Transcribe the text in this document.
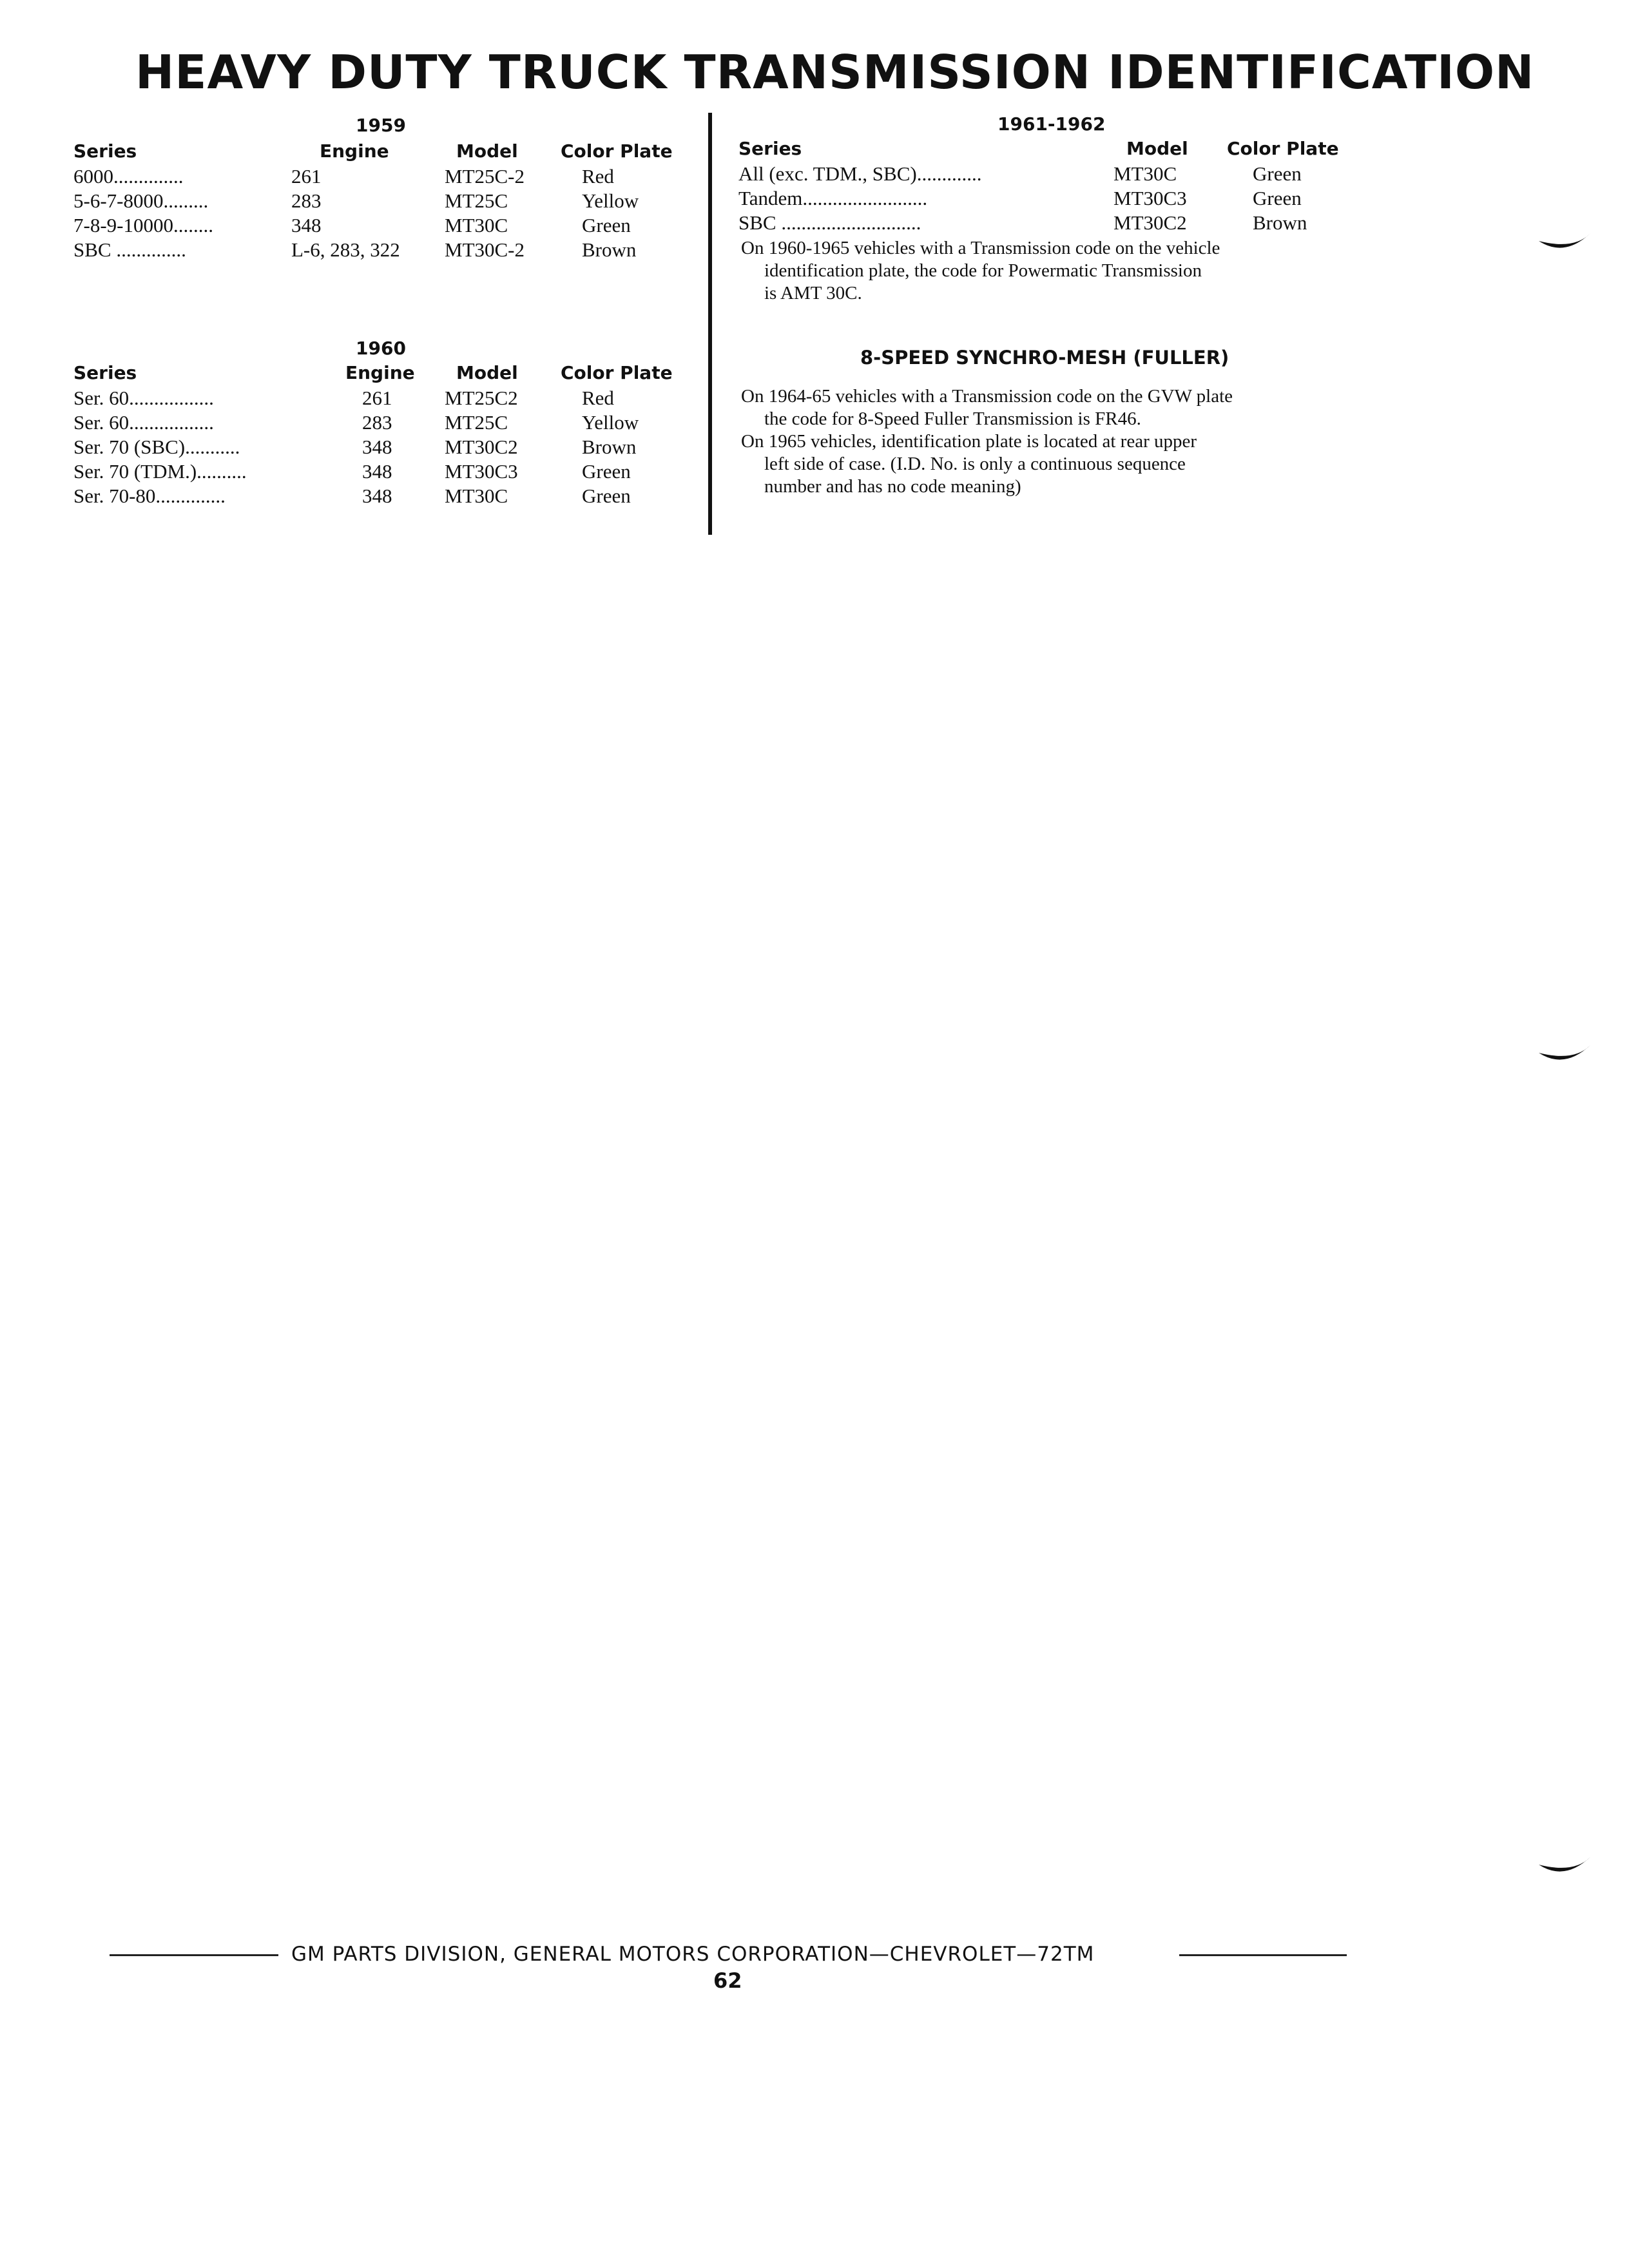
HEAVY DUTY TRUCK TRANSMISSION IDENTIFICATION
1959
Series	Engine	Model Color Plate
6000..............	261	MT25C-2	Red
5-6-7-8000.........	283	MT25C	Yellow
7-8-9-10000........	348	MT30C	Green
SBC ..............	L-6, 283, 322 MT30C-2	Brown
1960
Series	Engine Model Color Plate
Ser. 60.................	261	MT25C2	Red
Ser. 60.................	283	MT25C	Yellow
Ser. 70 (SBC)...........	348	MT30C2	Brown
Ser. 70 (TDM.)..........	348	MT30C3	Green
Ser. 70-80..............	348	MT30C	Green
1961-1962
Series	Model Color Plate
All (exc. TDM., SBC).............	MT30C	Green
Tandem.........................	MT30C3	Green
SBC ............................	MT30C2	Brown
On 1960-1965 vehicles with a Transmission code on the vehicle
identification plate, the code for Powermatic Transmission
is AMT 30C.
8-SPEED SYNCHRO-MESH (FULLER)
On 1964-65 vehicles with a Transmission code on the GVW plate
the code for 8-Speed Fuller Transmission is FR46.
On 1965 vehicles, identification plate is located at rear upper
left side of case. (I.D. No. is only a continuous sequence
number and has no code meaning)
GM PARTS DIVISION, GENERAL MOTORS CORPORATION—CHEVROLET—72TM
62
